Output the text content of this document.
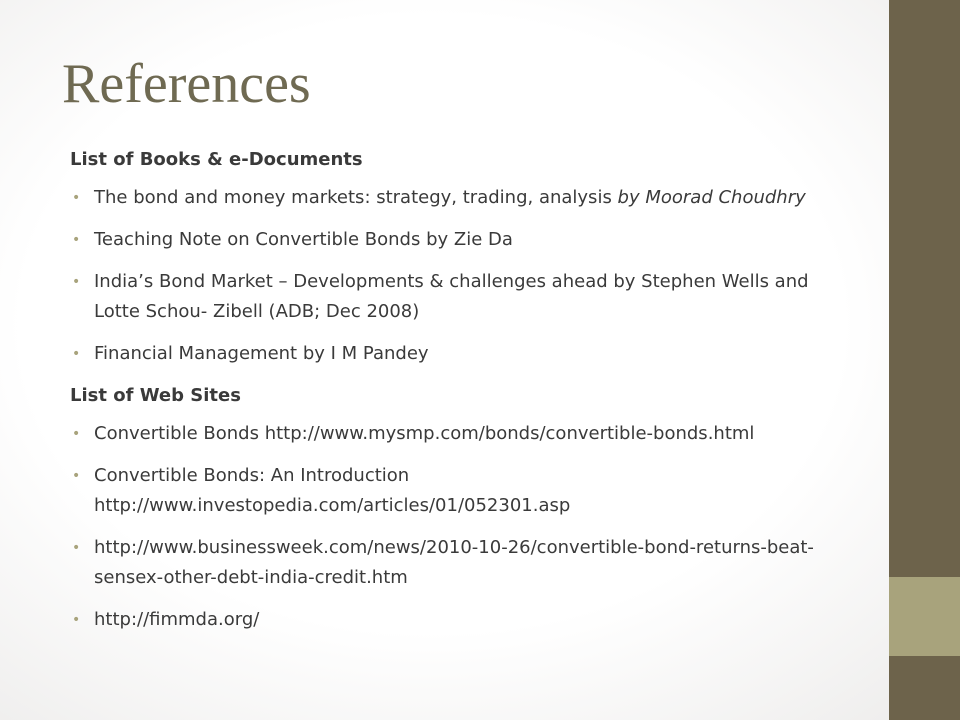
References
List of Books & e-Documents
• The bond and money markets: strategy, trading, analysis by Moorad Choudhry
• Teaching Note on Convertible Bonds by Zie Da
• India’s Bond Market – Developments & challenges ahead by Stephen Wells and Lotte Schou- Zibell (ADB; Dec 2008)
• Financial Management by I M Pandey
List of Web Sites
• Convertible Bonds http://www.mysmp.com/bonds/convertible-bonds.html
• Convertible Bonds: An Introduction http://www.investopedia.com/articles/01/052301.asp
• http://www.businessweek.com/news/2010-10-26/convertible-bond-returns-beat-sensex-other-debt-india-credit.htm
• http://fimmda.org/
